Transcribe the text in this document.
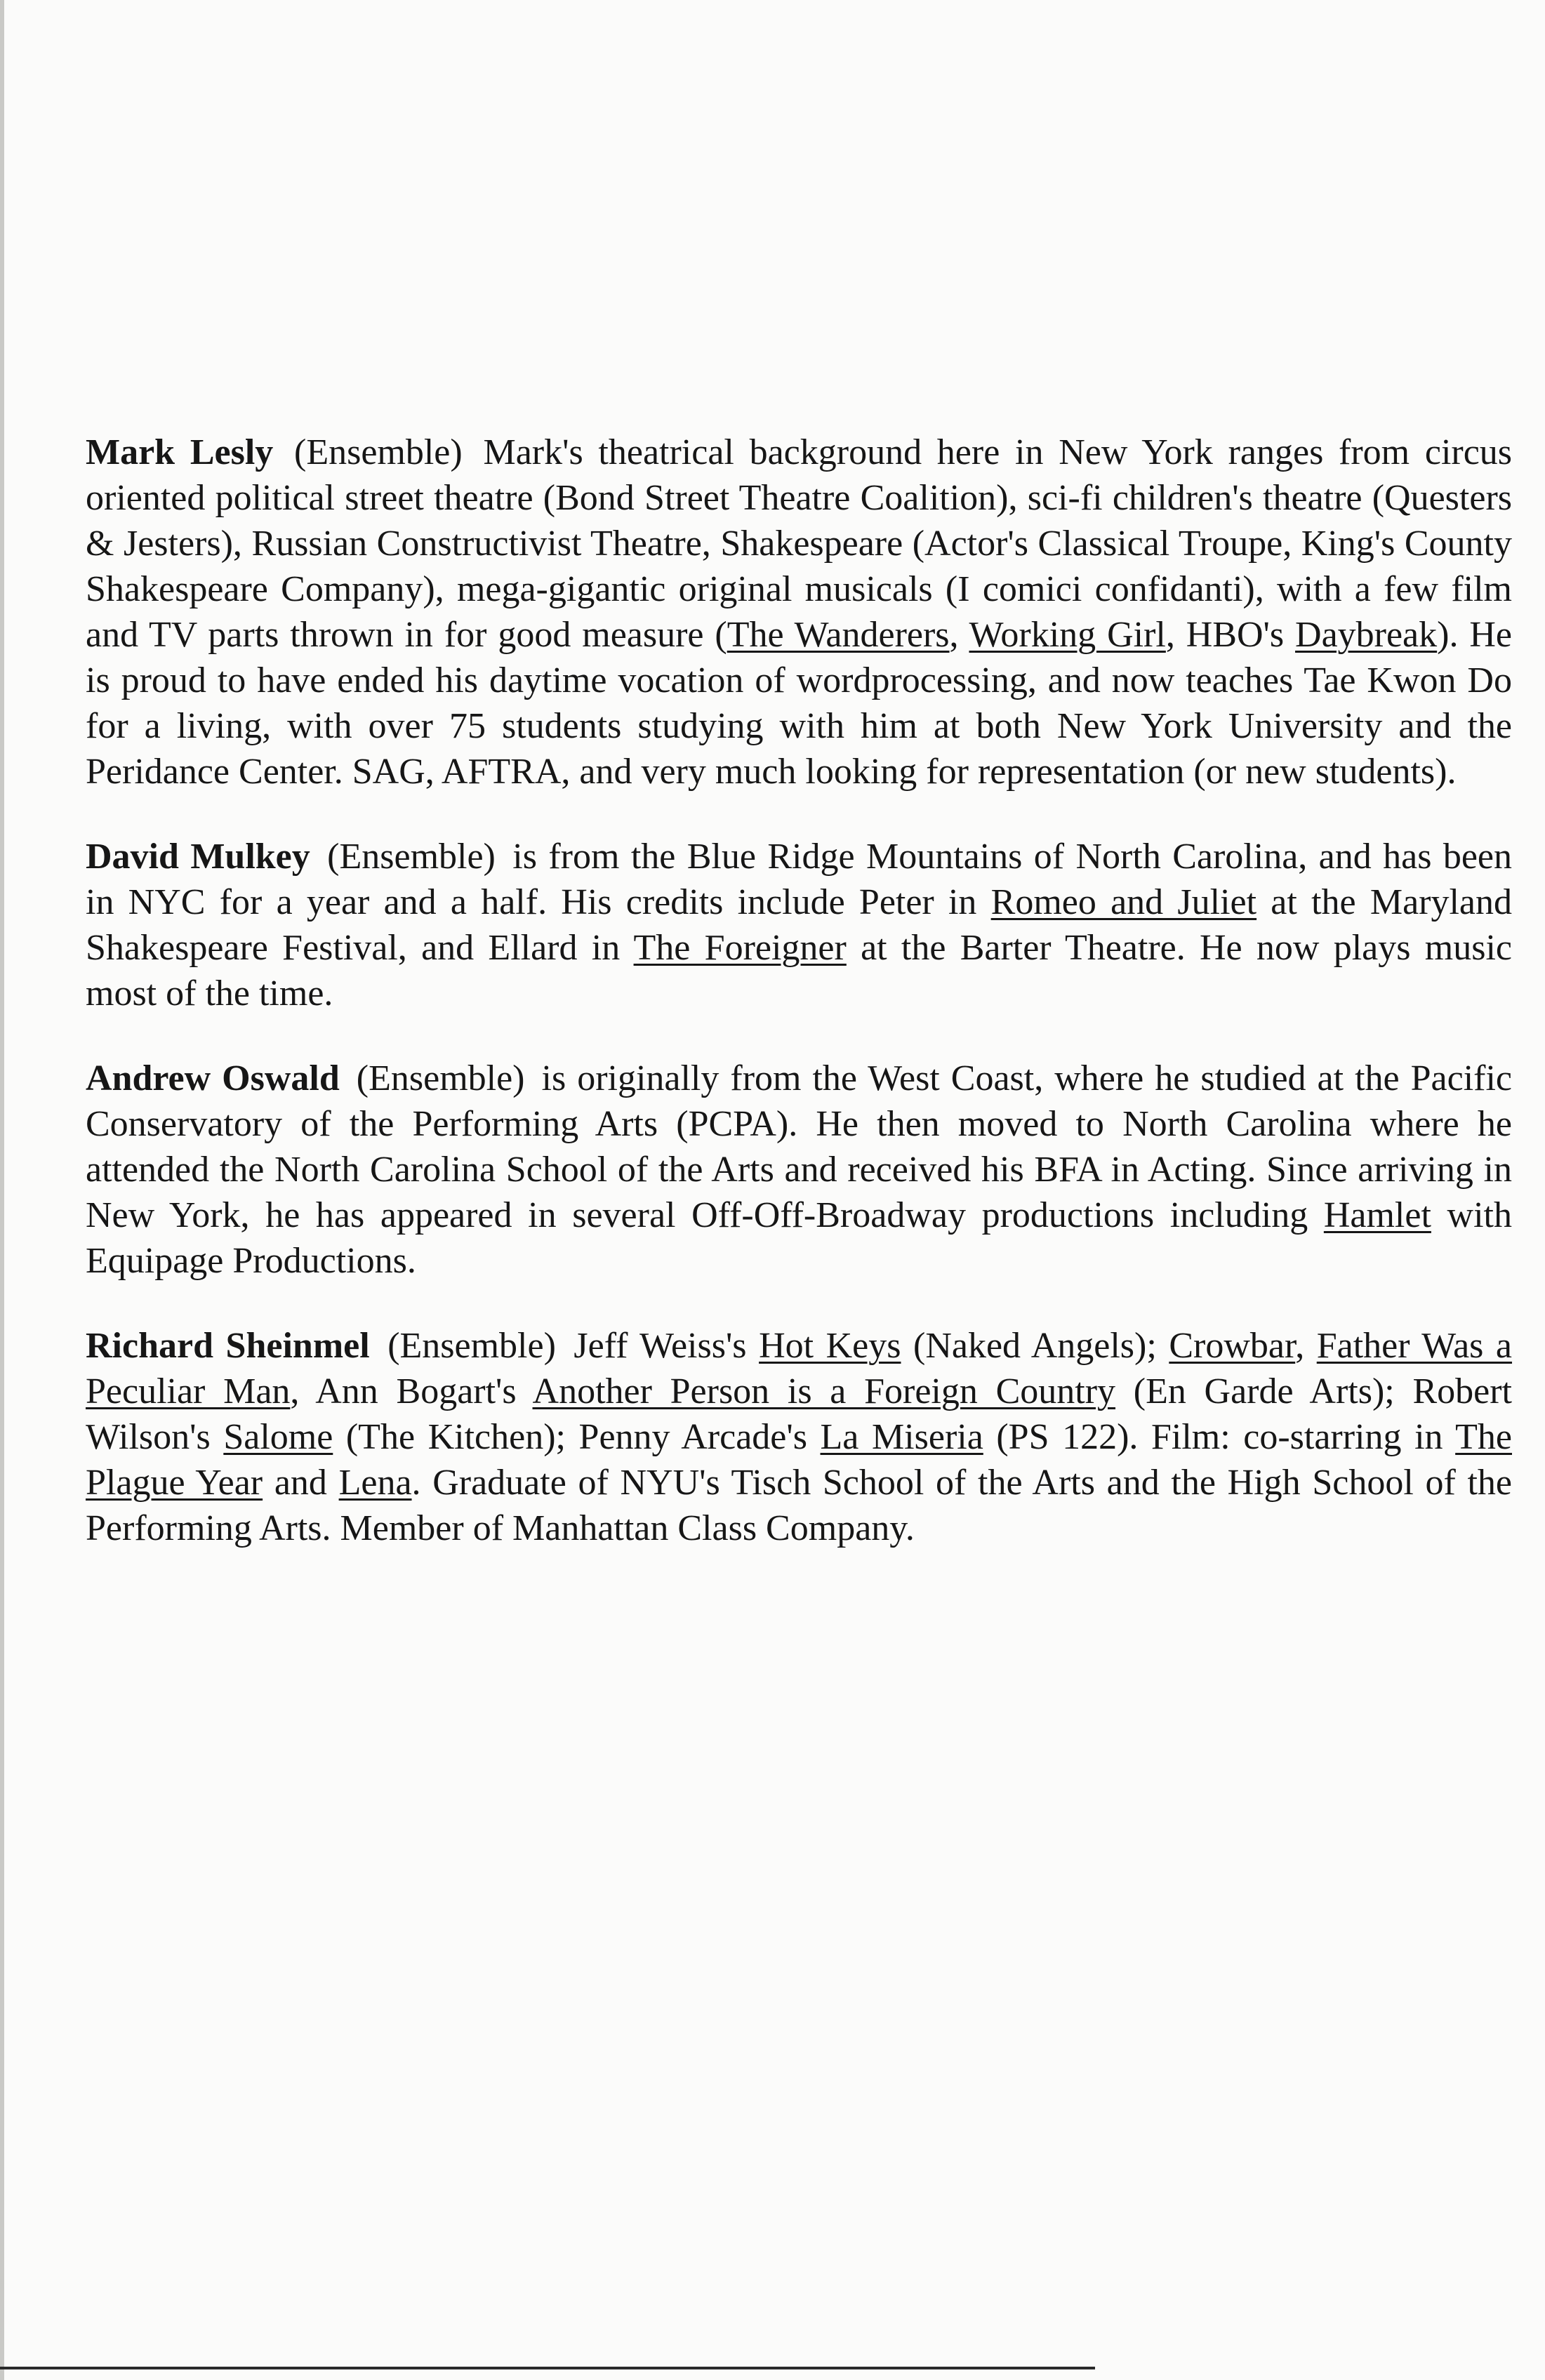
Mark Lesly (Ensemble) Mark's theatrical background here in New York ranges from circus oriented political street theatre (Bond Street Theatre Coalition), sci-fi children's theatre (Questers & Jesters), Russian Constructivist Theatre, Shakespeare (Actor's Classical Troupe, King's County Shakespeare Company), mega-gigantic original musicals (I comici confidanti), with a few film and TV parts thrown in for good measure (The Wanderers, Working Girl, HBO's Daybreak). He is proud to have ended his daytime vocation of wordprocessing, and now teaches Tae Kwon Do for a living, with over 75 students studying with him at both New York University and the Peridance Center. SAG, AFTRA, and very much looking for representation (or new students).

David Mulkey (Ensemble) is from the Blue Ridge Mountains of North Carolina, and has been in NYC for a year and a half. His credits include Peter in Romeo and Juliet at the Maryland Shakespeare Festival, and Ellard in The Foreigner at the Barter Theatre. He now plays music most of the time.

Andrew Oswald (Ensemble) is originally from the West Coast, where he studied at the Pacific Conservatory of the Performing Arts (PCPA). He then moved to North Carolina where he attended the North Carolina School of the Arts and received his BFA in Acting. Since arriving in New York, he has appeared in several Off-Off-Broadway productions including Hamlet with Equipage Productions.

Richard Sheinmel (Ensemble) Jeff Weiss's Hot Keys (Naked Angels); Crowbar, Father Was a Peculiar Man, Ann Bogart's Another Person is a Foreign Country (En Garde Arts); Robert Wilson's Salome (The Kitchen); Penny Arcade's La Miseria (PS 122). Film: co-starring in The Plague Year and Lena. Graduate of NYU's Tisch School of the Arts and the High School of the Performing Arts. Member of Manhattan Class Company.
